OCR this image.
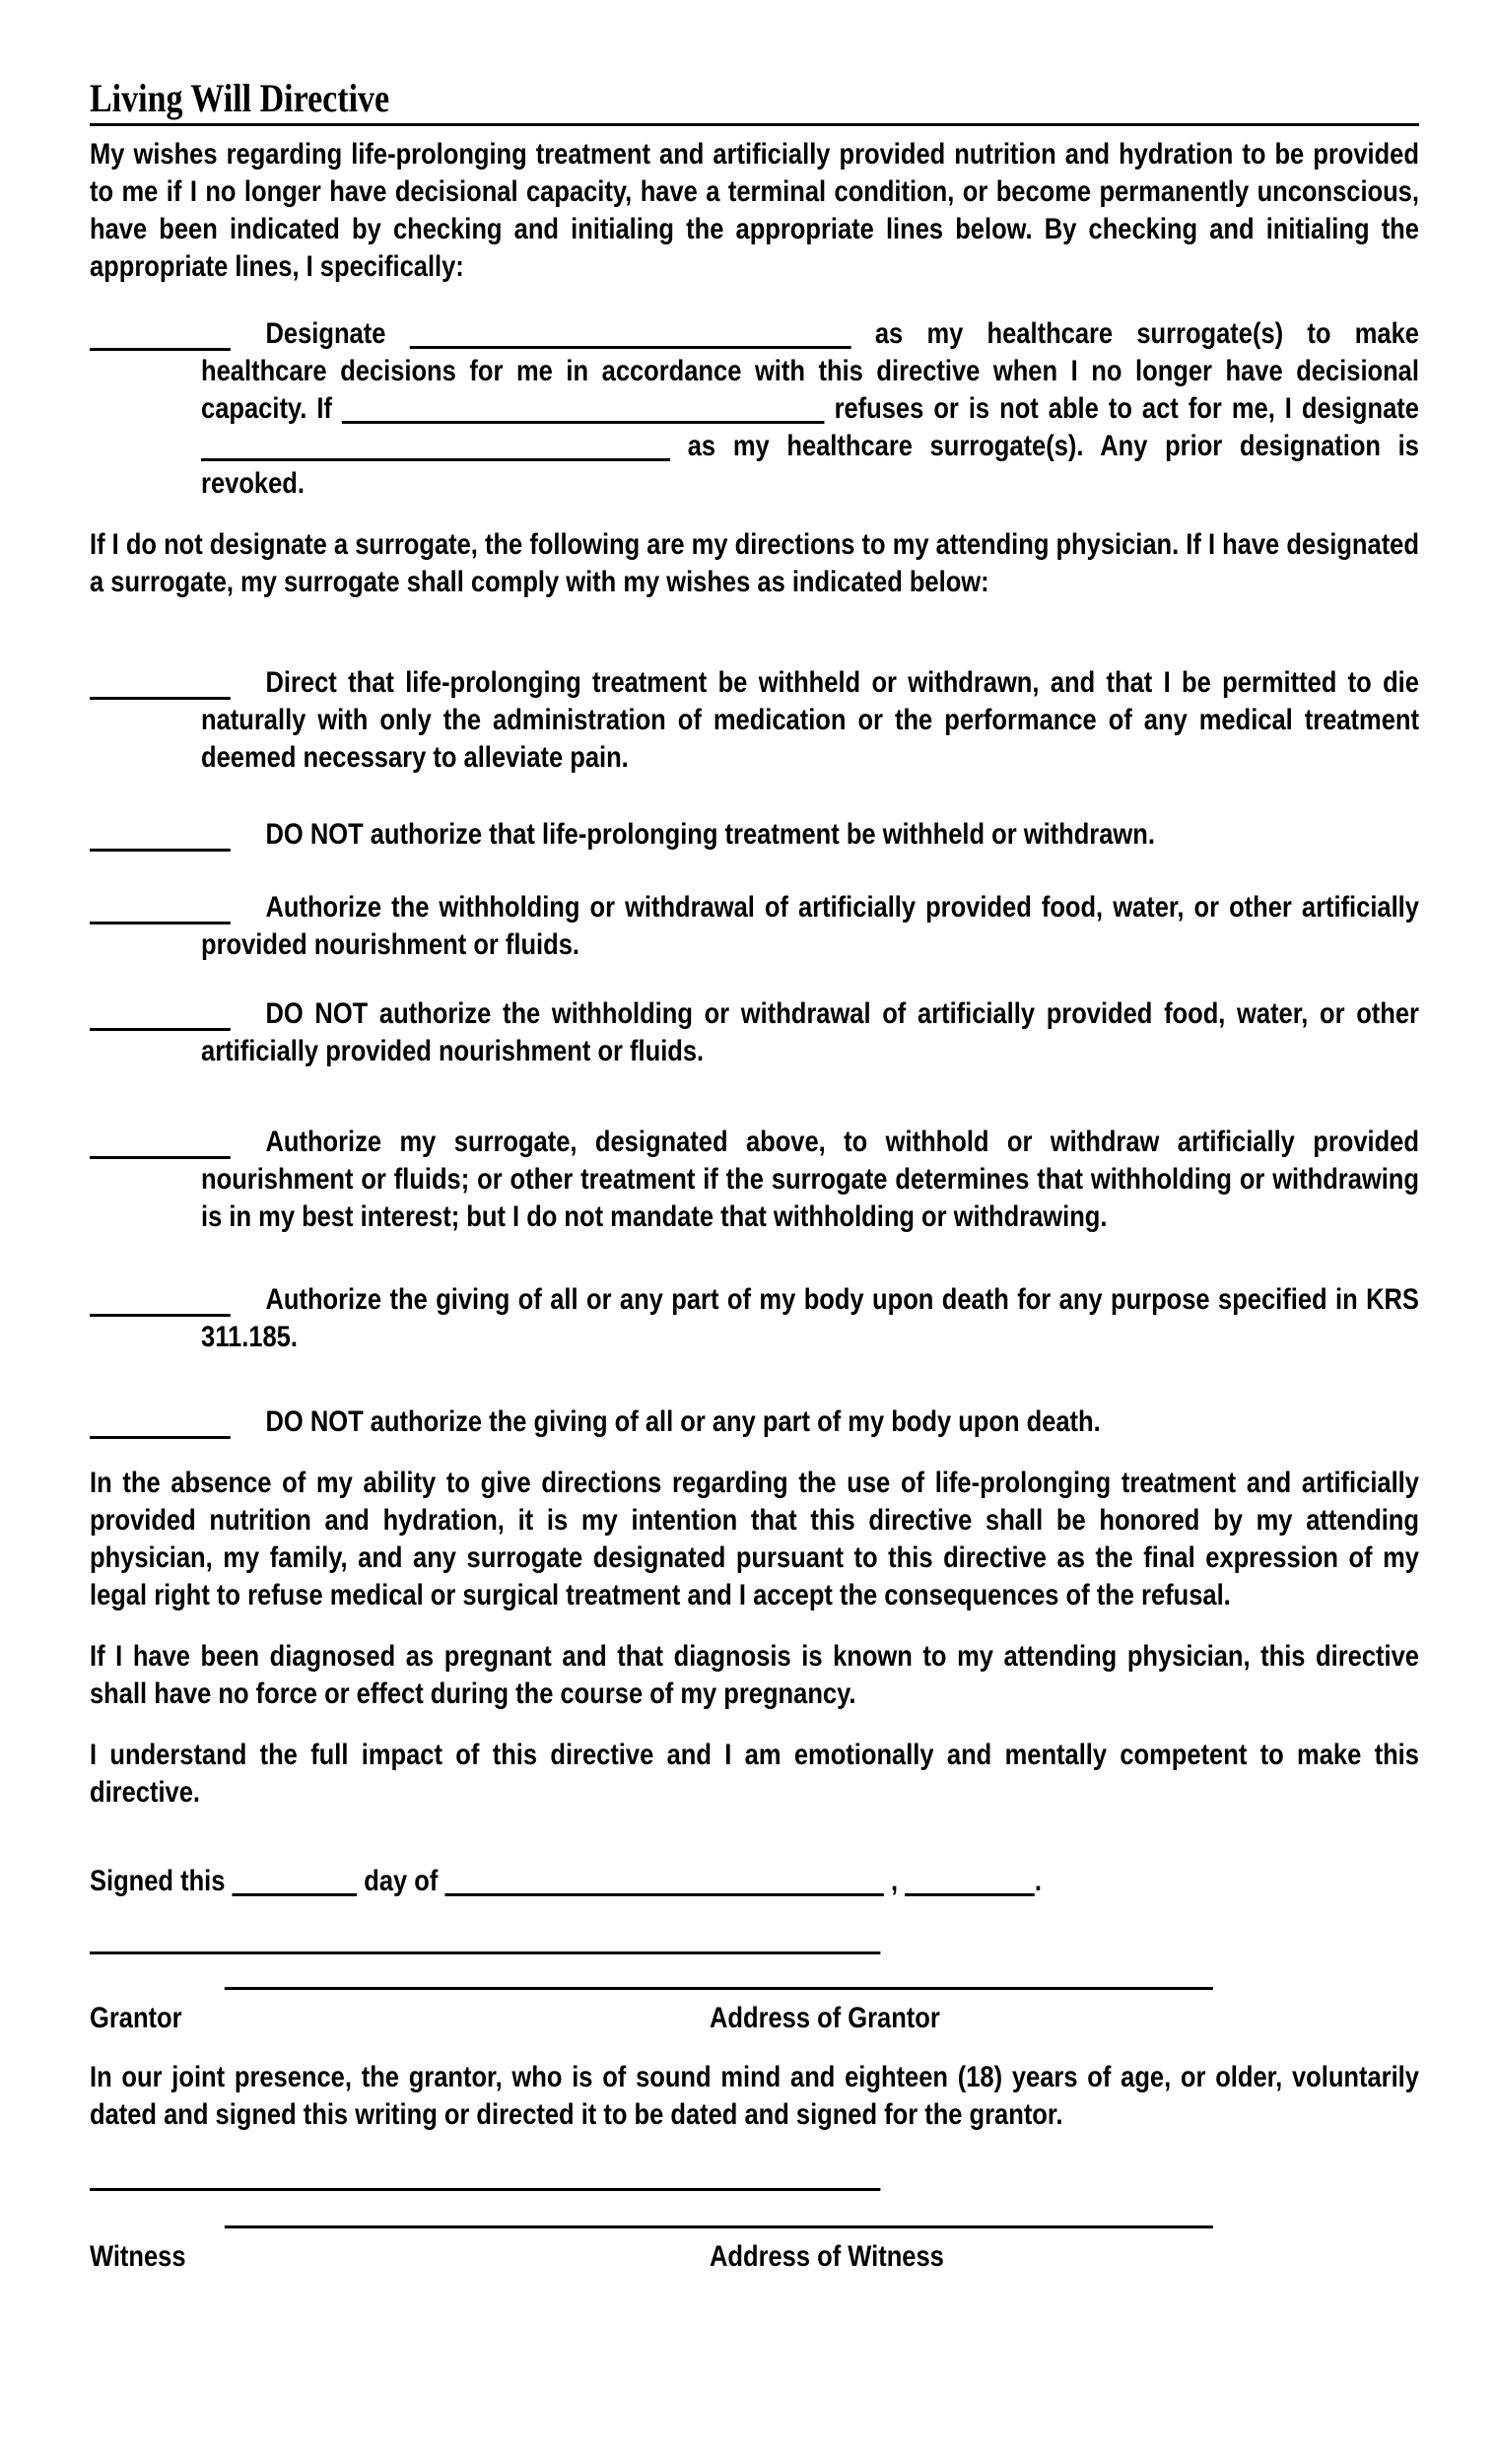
Living Will Directive

My wishes regarding life-prolonging treatment and artificially provided nutrition and hydration to be provided to me if I no longer have decisional capacity, have a terminal condition, or become permanently unconscious, have been indicated by checking and initialing the appropriate lines below. By checking and initialing the appropriate lines, I specifically:

Designate	as my healthcare surrogate(s) to make healthcare decisions for me in accordance with this directive when I no longer have decisional capacity. If	refuses or is not able to act for me, I designate  as my healthcare surrogate(s). Any prior designation is revoked.

If I do not designate a surrogate, the following are my directions to my attending physician. If I have designated a surrogate, my surrogate shall comply with my wishes as indicated below:

Direct that life-prolonging treatment be withheld or withdrawn, and that I be permitted to die naturally with only the administration of medication or the performance of any medical treatment deemed necessary to alleviate pain.
DO NOT authorize that life-prolonging treatment be withheld or withdrawn.
Authorize the withholding or withdrawal of artificially provided food, water, or other artificially provided nourishment or fluids.
DO NOT authorize the withholding or withdrawal of artificially provided food, water, or other artificially provided nourishment or fluids.
Authorize my surrogate, designated above, to withhold or withdraw artificially provided nourishment or fluids; or other treatment if the surrogate determines that withholding or withdrawing is in my best interest; but I do not mandate that withholding or withdrawing.
Authorize the giving of all or any part of my body upon death for any purpose specified in KRS 311.185.
DO NOT authorize the giving of all or any part of my body upon death.

In the absence of my ability to give directions regarding the use of life-prolonging treatment and artificially provided nutrition and hydration, it is my intention that this directive shall be honored by my attending physician, my family, and any surrogate designated pursuant to this directive as the final expression of my legal right to refuse medical or surgical treatment and I accept the consequences of the refusal.

If I have been diagnosed as pregnant and that diagnosis is known to my attending physician, this directive shall have no force or effect during the course of my pregnancy.

I understand the full impact of this directive and I am emotionally and mentally competent to make this directive.

Signed this	day of	,	.

Grantor	Address of Grantor

In our joint presence, the grantor, who is of sound mind and eighteen (18) years of age, or older, voluntarily dated and signed this writing or directed it to be dated and signed for the grantor.

Witness	Address of Witness
